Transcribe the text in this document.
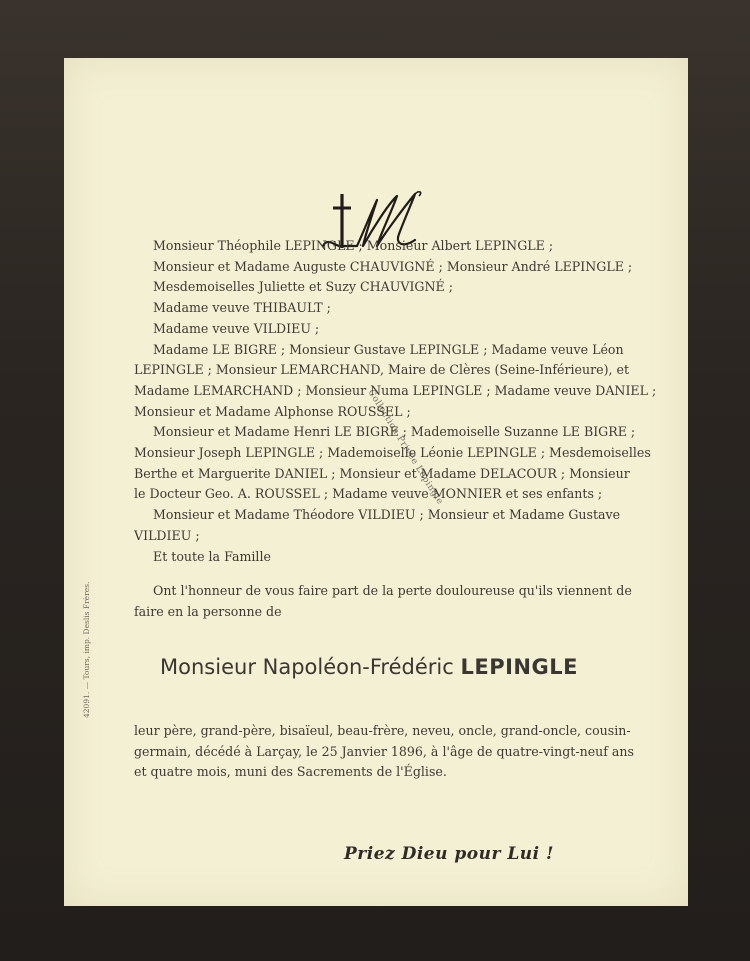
Monsieur Théophile LEPINGLE ; Monsieur Albert LEPINGLE ;
Monsieur et Madame Auguste CHAUVIGNÉ ; Monsieur André LEPINGLE ;
Mesdemoiselles Juliette et Suzy CHAUVIGNÉ ;
Madame veuve THIBAULT ;
Madame veuve VILDIEU ;
Madame LE BIGRE ; Monsieur Gustave LEPINGLE ; Madame veuve Léon
LEPINGLE ; Monsieur LEMARCHAND, Maire de Clères (Seine-Inférieure), et
Madame LEMARCHAND ; Monsieur Numa LEPINGLE ; Madame veuve DANIEL ;
Monsieur et Madame Alphonse ROUSSEL ;
Monsieur et Madame Henri LE BIGRE ; Mademoiselle Suzanne LE BIGRE ;
Monsieur Joseph LEPINGLE ; Mademoiselle Léonie LEPINGLE ; Mesdemoiselles
Berthe et Marguerite DANIEL ; Monsieur et Madame DELACOUR ; Monsieur
le Docteur Geo. A. ROUSSEL ; Madame veuve MONNIER et ses enfants ;
Monsieur et Madame Théodore VILDIEU ; Monsieur et Madame Gustave
VILDIEU ;
Et toute la Famille
Ont l'honneur de vous faire part de la perte douloureuse qu'ils viennent de
faire en la personne de
Monsieur Napoléon-Frédéric LEPINGLE
leur père, grand-père, bisaïeul, beau-frère, neveu, oncle, grand-oncle, cousin-
germain, décédé à Larçay, le 25 Janvier 1896, à l'âge de quatre-vingt-neuf ans
et quatre mois, muni des Sacrements de l'Église.
Priez Dieu pour Lui !
42091. — Tours, imp. Deslis Frères.
Collection Privée Lepingle
